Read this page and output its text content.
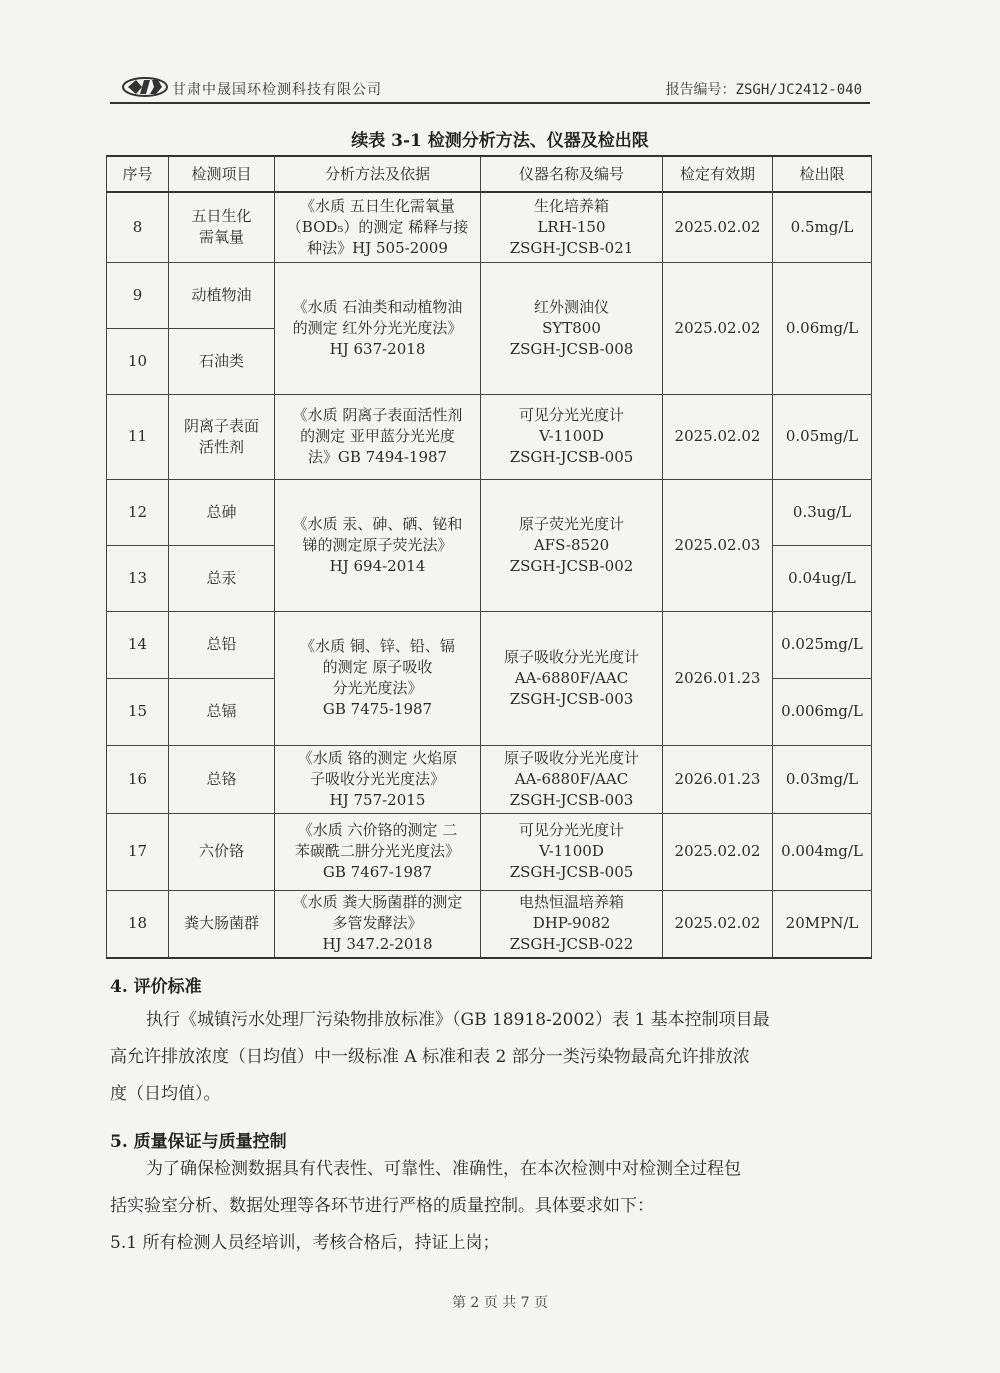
甘肃中晟国环检测科技有限公司	报告编号：ZSGH/JC2412-040
续表 3-1 检测分析方法、仪器及检出限
序号	检测项目	分析方法及依据	仪器名称及编号	检定有效期	检出限
8	五日生化
需氧量	《水质 五日生化需氧量
（BOD₅）的测定 稀释与接
种法》HJ 505-2009	生化培养箱
LRH-150
ZSGH-JCSB-021	2025.02.02	0.5mg/L
9	动植物油	《水质 石油类和动植物油
的测定 红外分光光度法》
HJ 637-2018	红外测油仪
SYT800
ZSGH-JCSB-008	2025.02.02	0.06mg/L
10	石油类				
11	阴离子表面
活性剂	《水质 阴离子表面活性剂
的测定 亚甲蓝分光光度
法》GB 7494-1987	可见分光光度计
V-1100D
ZSGH-JCSB-005	2025.02.02	0.05mg/L
12	总砷	《水质 汞、砷、硒、铋和
锑的测定原子荧光法》
HJ 694-2014	原子荧光光度计
AFS-8520
ZSGH-JCSB-002	2025.02.03	0.3ug/L
13	总汞				0.04ug/L
14	总铅	《水质 铜、锌、铅、镉
的测定 原子吸收
分光光度法》
GB 7475-1987	原子吸收分光光度计
AA-6880F/AAC
ZSGH-JCSB-003	2026.01.23	0.025mg/L
15	总镉				0.006mg/L
16	总铬	《水质 铬的测定 火焰原
子吸收分光光度法》
HJ 757-2015	原子吸收分光光度计
AA-6880F/AAC
ZSGH-JCSB-003	2026.01.23	0.03mg/L
17	六价铬	《水质 六价铬的测定 二
苯碳酰二肼分光光度法》
GB 7467-1987	可见分光光度计
V-1100D
ZSGH-JCSB-005	2025.02.02	0.004mg/L
18	粪大肠菌群	《水质 粪大肠菌群的测定
多管发酵法》
HJ 347.2-2018	电热恒温培养箱
DHP-9082
ZSGH-JCSB-022	2025.02.02	20MPN/L
4. 评价标准
执行《城镇污水处理厂污染物排放标准》（GB 18918-2002）表 1 基本控制项目最
高允许排放浓度（日均值）中一级标准 A 标准和表 2 部分一类污染物最高允许排放浓
度（日均值）。
5. 质量保证与质量控制
为了确保检测数据具有代表性、可靠性、准确性，在本次检测中对检测全过程包
括实验室分析、数据处理等各环节进行严格的质量控制。具体要求如下：
5.1 所有检测人员经培训，考核合格后，持证上岗；
第 2 页 共 7 页
